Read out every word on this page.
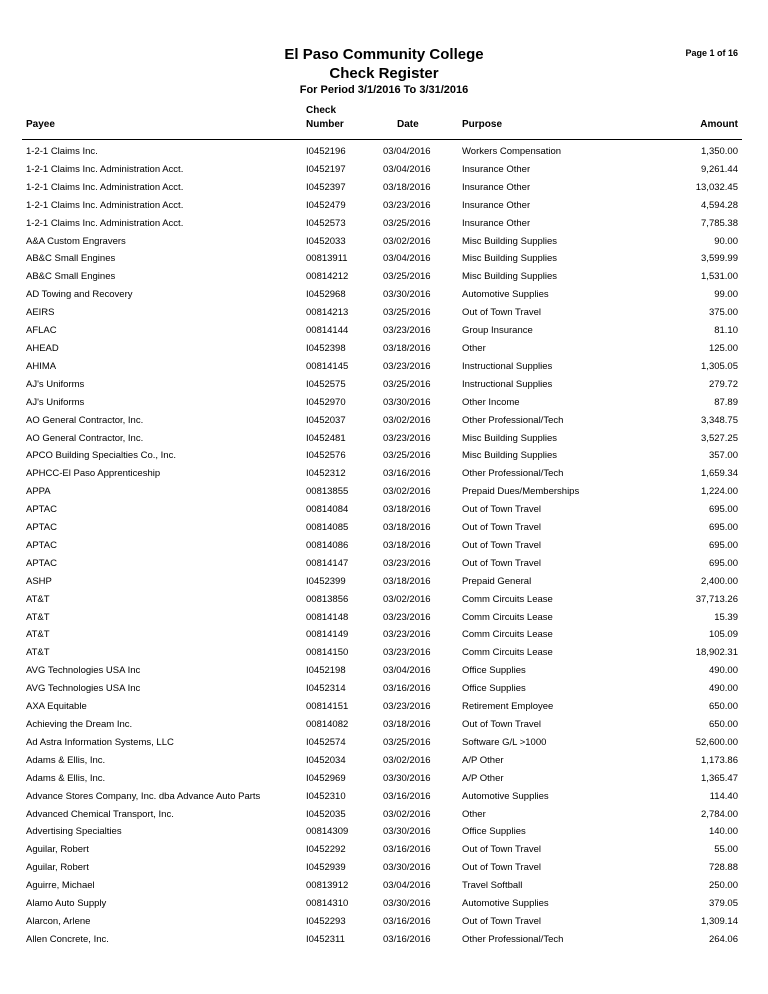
El Paso Community College
Check Register
For Period 3/1/2016 To 3/31/2016
Page 1 of 16
Payee
Check
Number	Date	Purpose	Amount
1-2-1 Claims Inc.	I0452196	03/04/2016	Workers Compensation	1,350.00
1-2-1 Claims Inc. Administration Acct.	I0452197	03/04/2016	Insurance Other	9,261.44
1-2-1 Claims Inc. Administration Acct.	I0452397	03/18/2016	Insurance Other	13,032.45
1-2-1 Claims Inc. Administration Acct.	I0452479	03/23/2016	Insurance Other	4,594.28
1-2-1 Claims Inc. Administration Acct.	I0452573	03/25/2016	Insurance Other	7,785.38
A&A Custom Engravers	I0452033	03/02/2016	Misc Building Supplies	90.00
AB&C Small Engines	00813911	03/04/2016	Misc Building Supplies	3,599.99
AB&C Small Engines	00814212	03/25/2016	Misc Building Supplies	1,531.00
AD Towing and Recovery	I0452968	03/30/2016	Automotive Supplies	99.00
AEIRS	00814213	03/25/2016	Out of Town Travel	375.00
AFLAC	00814144	03/23/2016	Group Insurance	81.10
AHEAD	I0452398	03/18/2016	Other	125.00
AHIMA	00814145	03/23/2016	Instructional Supplies	1,305.05
AJ's Uniforms	I0452575	03/25/2016	Instructional Supplies	279.72
AJ's Uniforms	I0452970	03/30/2016	Other Income	87.89
AO General Contractor, Inc.	I0452037	03/02/2016	Other Professional/Tech	3,348.75
AO General Contractor, Inc.	I0452481	03/23/2016	Misc Building Supplies	3,527.25
APCO Building Specialties Co., Inc.	I0452576	03/25/2016	Misc Building Supplies	357.00
APHCC-El Paso Apprenticeship	I0452312	03/16/2016	Other Professional/Tech	1,659.34
APPA	00813855	03/02/2016	Prepaid Dues/Memberships	1,224.00
APTAC	00814084	03/18/2016	Out of Town Travel	695.00
APTAC	00814085	03/18/2016	Out of Town Travel	695.00
APTAC	00814086	03/18/2016	Out of Town Travel	695.00
APTAC	00814147	03/23/2016	Out of Town Travel	695.00
ASHP	I0452399	03/18/2016	Prepaid General	2,400.00
AT&T	00813856	03/02/2016	Comm Circuits Lease	37,713.26
AT&T	00814148	03/23/2016	Comm Circuits Lease	15.39
AT&T	00814149	03/23/2016	Comm Circuits Lease	105.09
AT&T	00814150	03/23/2016	Comm Circuits Lease	18,902.31
AVG Technologies USA Inc	I0452198	03/04/2016	Office Supplies	490.00
AVG Technologies USA Inc	I0452314	03/16/2016	Office Supplies	490.00
AXA Equitable	00814151	03/23/2016	Retirement Employee	650.00
Achieving the Dream Inc.	00814082	03/18/2016	Out of Town Travel	650.00
Ad Astra Information Systems, LLC	I0452574	03/25/2016	Software G/L >1000	52,600.00
Adams & Ellis, Inc.	I0452034	03/02/2016	A/P Other	1,173.86
Adams & Ellis, Inc.	I0452969	03/30/2016	A/P Other	1,365.47
Advance Stores Company, Inc. dba Advance Auto Parts	I0452310	03/16/2016	Automotive Supplies	114.40
Advanced Chemical Transport, Inc.	I0452035	03/02/2016	Other	2,784.00
Advertising Specialties	00814309	03/30/2016	Office Supplies	140.00
Aguilar, Robert	I0452292	03/16/2016	Out of Town Travel	55.00
Aguilar, Robert	I0452939	03/30/2016	Out of Town Travel	728.88
Aguirre, Michael	00813912	03/04/2016	Travel Softball	250.00
Alamo Auto Supply	00814310	03/30/2016	Automotive Supplies	379.05
Alarcon, Arlene	I0452293	03/16/2016	Out of Town Travel	1,309.14
Allen Concrete, Inc.	I0452311	03/16/2016	Other Professional/Tech	264.06
